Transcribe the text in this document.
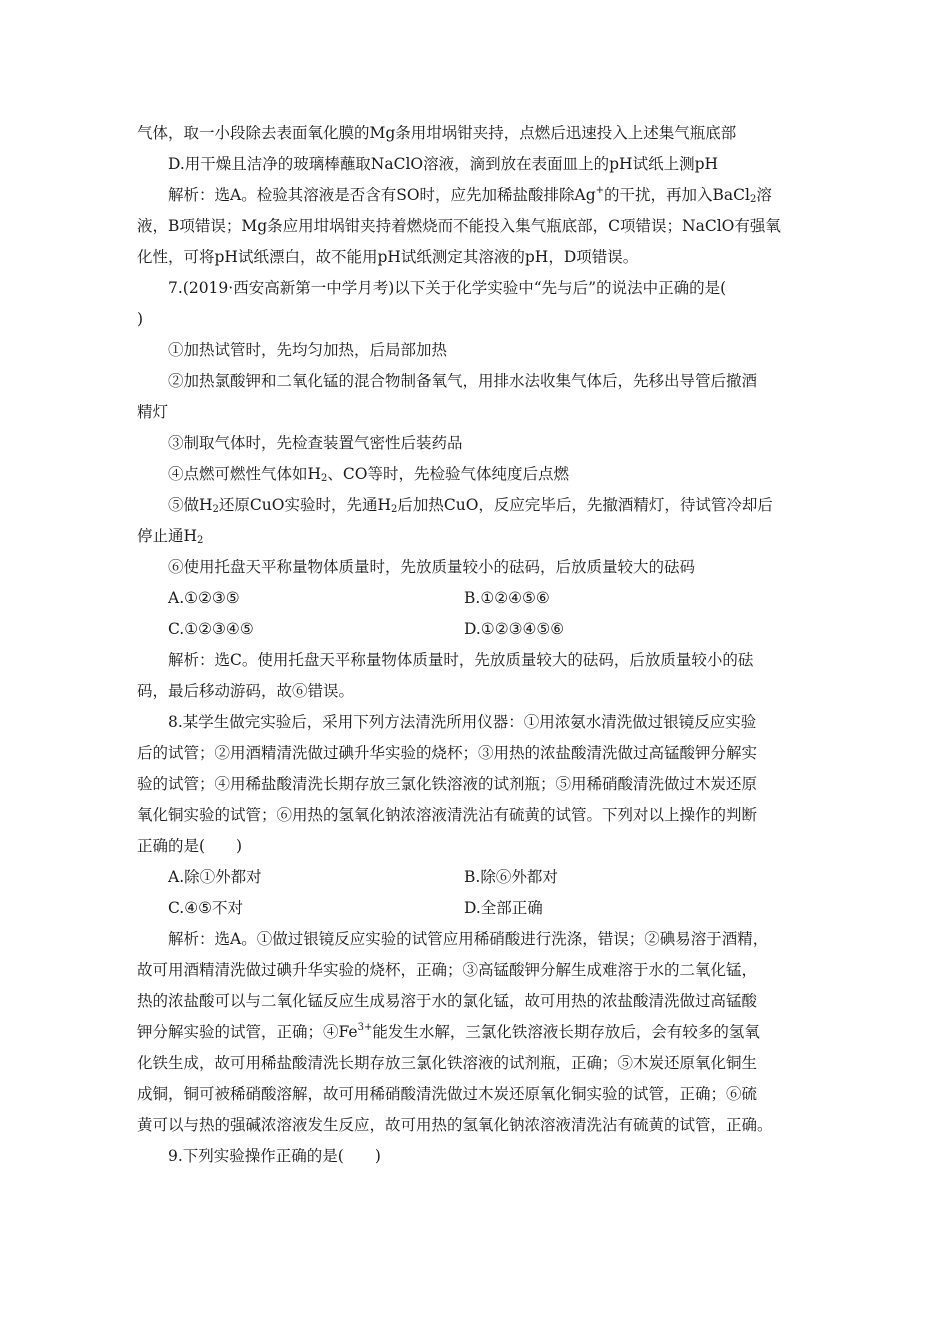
气体，取一小段除去表面氧化膜的Mg条用坩埚钳夹持，点燃后迅速投入上述集气瓶底部

D.用干燥且洁净的玻璃棒蘸取NaClO溶液，滴到放在表面皿上的pH试纸上测pH

解析：选A。检验其溶液是否含有SO时，应先加稀盐酸排除Ag+的干扰，再加入BaCl$_2$溶

液，B项错误；Mg条应用坩埚钳夹持着燃烧而不能投入集气瓶底部，C项错误；NaClO有强氧

化性，可将pH试纸漂白，故不能用pH试纸测定其溶液的pH，D项错误。

7.(2019·西安高新第一中学月考)以下关于化学实验中“先与后”的说法中正确的是(

)

①加热试管时，先均匀加热，后局部加热

②加热氯酸钾和二氧化锰的混合物制备氧气，用排水法收集气体后，先移出导管后撤酒

精灯

③制取气体时，先检查装置气密性后装药品

④点燃可燃性气体如$H_2$、CO等时，先检验气体纯度后点燃

⑤做$H_2$还原CuO实验时，先通$H_2$后加热CuO，反应完毕后，先撤酒精灯，待试管冷却后

停止通$H_2$

⑥使用托盘天平称量物体质量时，先放质量较小的砝码，后放质量较大的砝码

A.①②③⑤	B.①②④⑤⑥
C.①②③④⑤	D.①②③④⑤⑥

解析：选C。使用托盘天平称量物体质量时，先放质量较大的砝码，后放质量较小的砝

码，最后移动游码，故⑥错误。

8.某学生做完实验后，采用下列方法清洗所用仪器：①用浓氨水清洗做过银镜反应实验

后的试管；②用酒精清洗做过碘升华实验的烧杯；③用热的浓盐酸清洗做过高锰酸钾分解实

验的试管；④用稀盐酸清洗长期存放三氯化铁溶液的试剂瓶；⑤用稀硝酸清洗做过木炭还原

氧化铜实验的试管；⑥用热的氢氧化钠浓溶液清洗沾有硫黄的试管。下列对以上操作的判断

正确的是(　　)

A.除①外都对	B.除⑥外都对
C.④⑤不对	D.全部正确

解析：选A。①做过银镜反应实验的试管应用稀硝酸进行洗涤，错误；②碘易溶于酒精，

故可用酒精清洗做过碘升华实验的烧杯，正确；③高锰酸钾分解生成难溶于水的二氧化锰，

热的浓盐酸可以与二氧化锰反应生成易溶于水的氯化锰，故可用热的浓盐酸清洗做过高锰酸

钾分解实验的试管，正确；$④Fe^{3+}$能发生水解，三氯化铁溶液长期存放后，会有较多的氢氧

化铁生成，故可用稀盐酸清洗长期存放三氯化铁溶液的试剂瓶，正确；⑤木炭还原氧化铜生

成铜，铜可被稀硝酸溶解，故可用稀硝酸清洗做过木炭还原氧化铜实验的试管，正确；⑥硫

黄可以与热的强碱浓溶液发生反应，故可用热的氢氧化钠浓溶液清洗沾有硫黄的试管，正确。

9.下列实验操作正确的是(　　)
